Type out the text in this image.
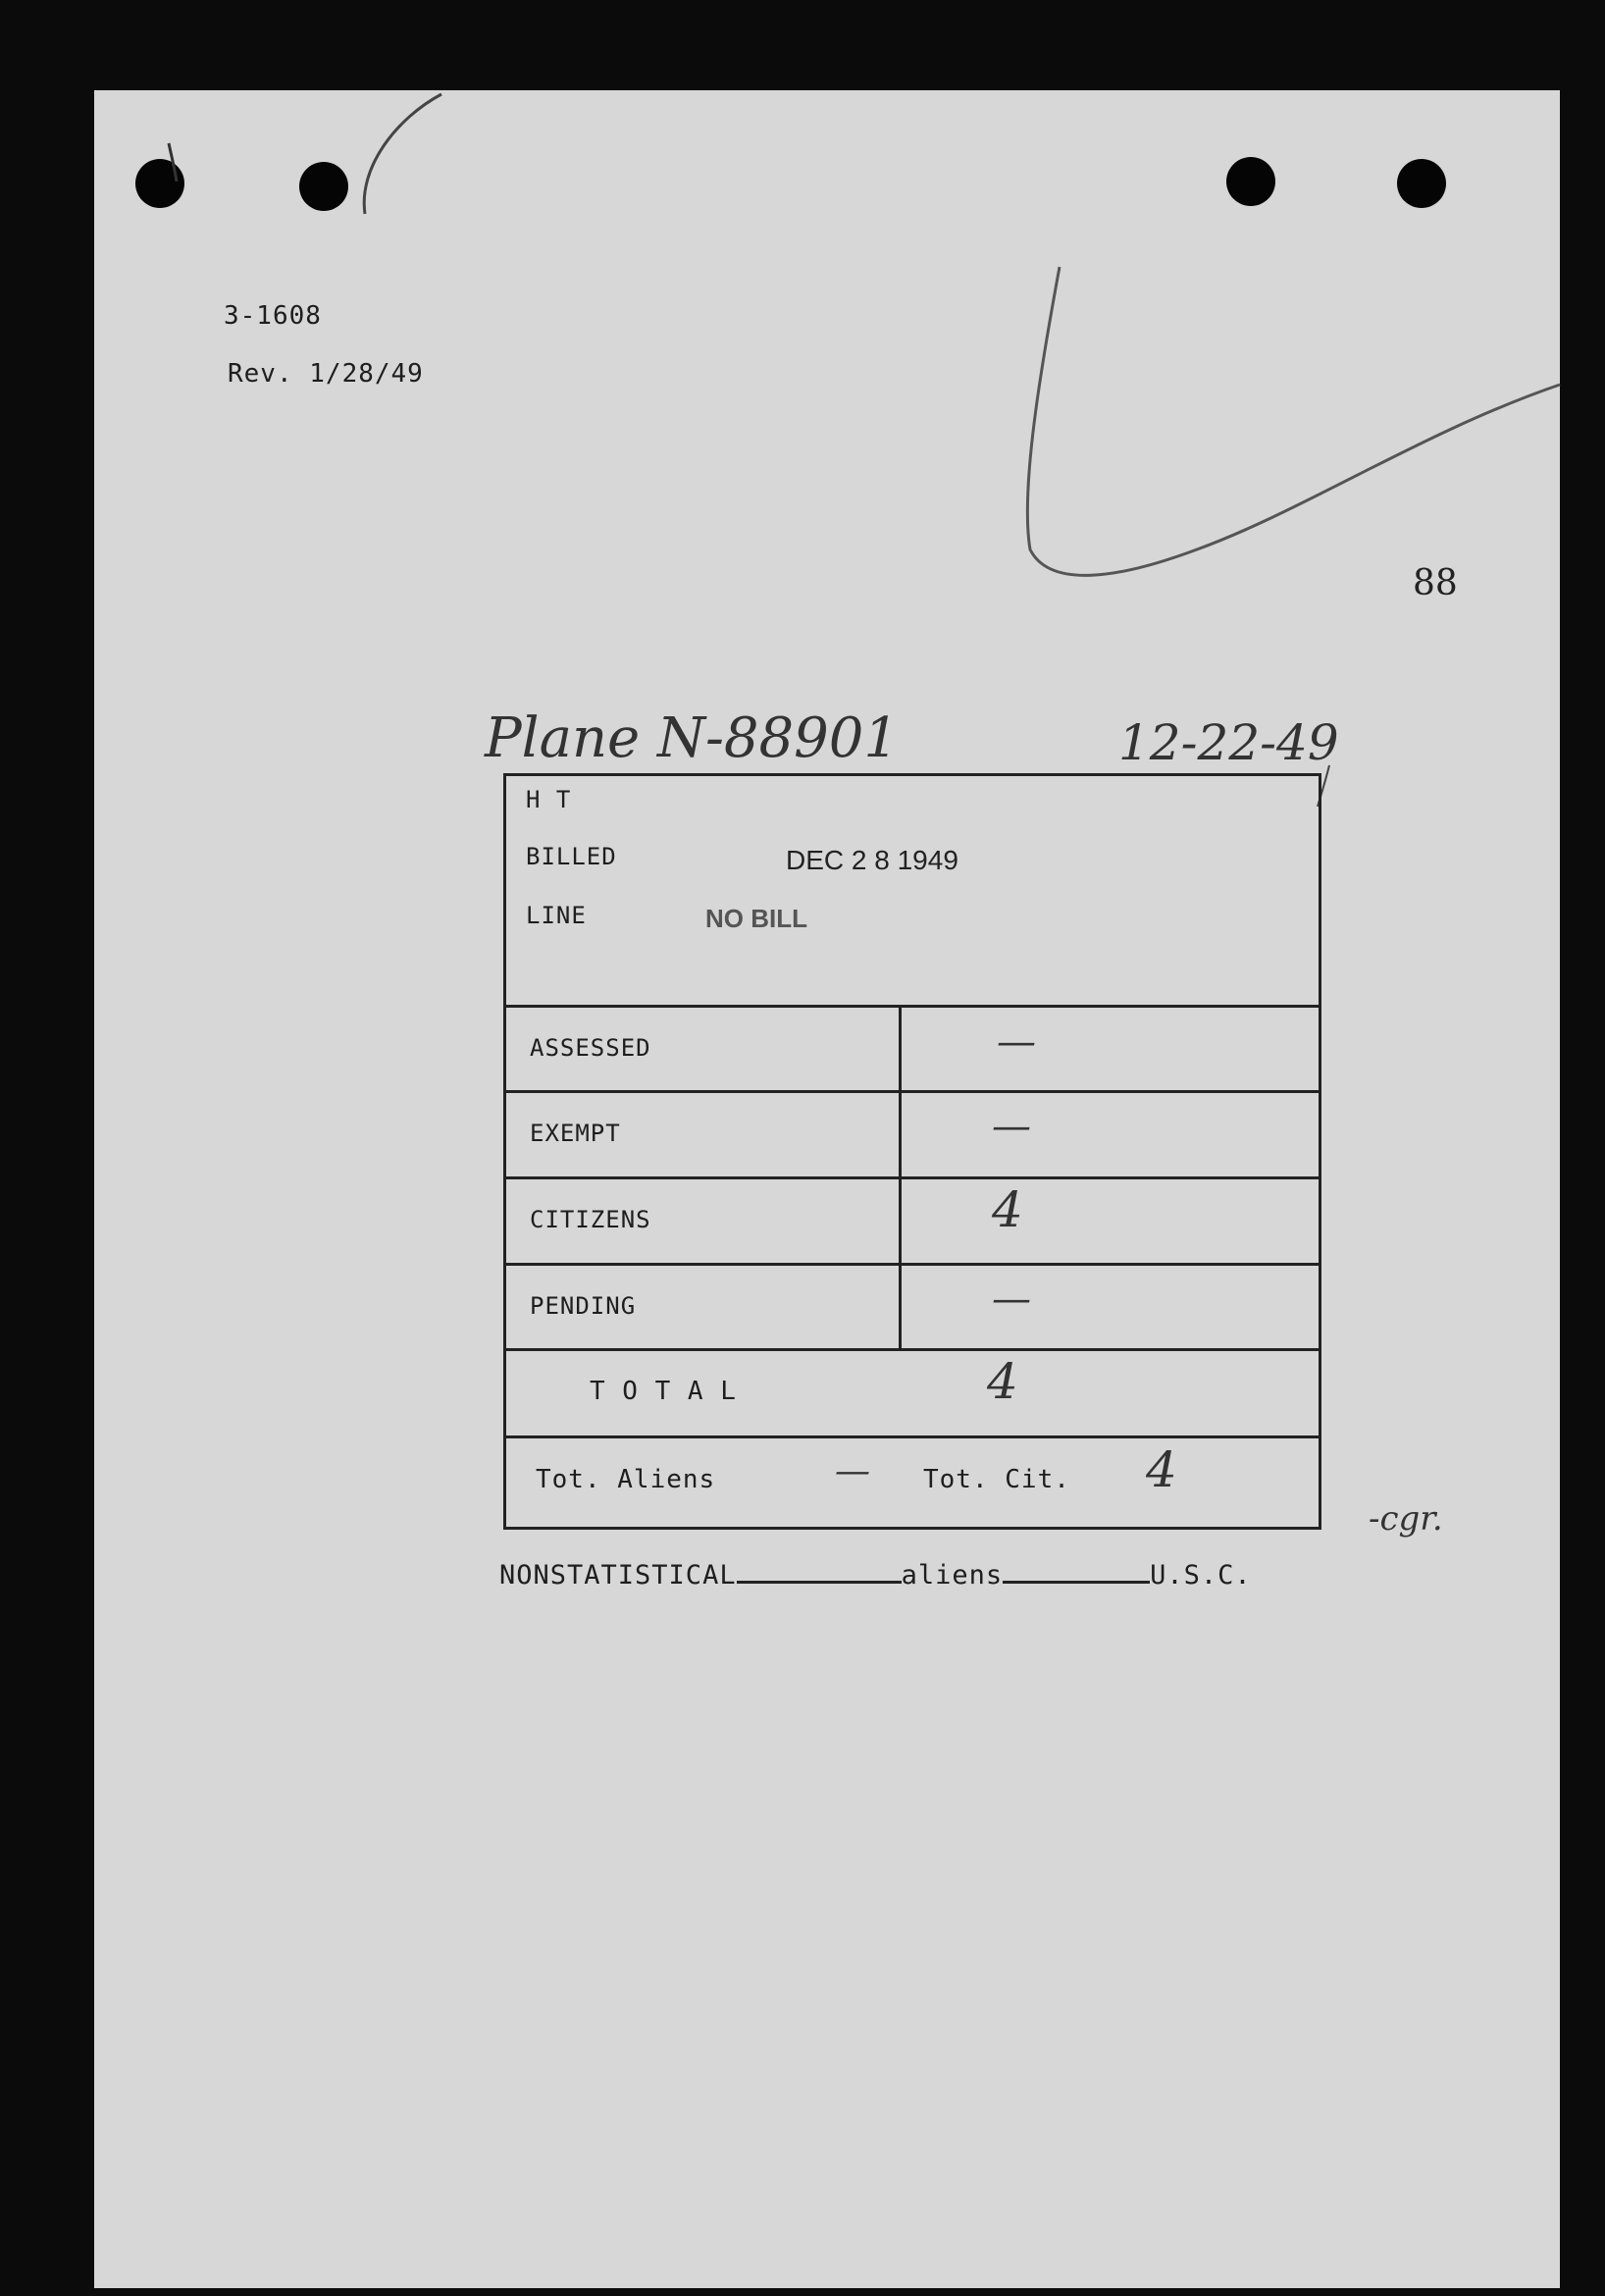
3-1608
Rev. 1/28/49
88
Plane N-88901	12-22-49
H T
BILLED	DEC 2 8 1949
LINE	NO BILL
ASSESSED	—
EXEMPT	—
CITIZENS	4
PENDING	—
T O T A L	4
Tot. Aliens	— Tot. Cit. 4
-cgr.
NONSTATISTICAL	aliens	U.S.C.
